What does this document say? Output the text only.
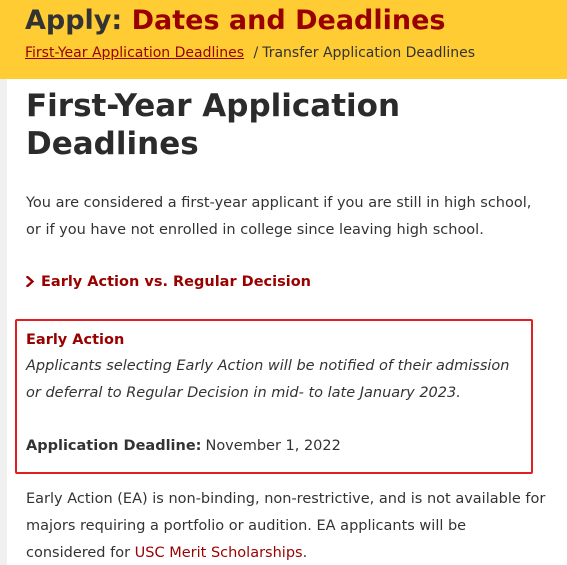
Apply: Dates and Deadlines
First-Year Application Deadlines / Transfer Application Deadlines
First-Year Application Deadlines

You are considered a first-year applicant if you are still in high school, or if you have not enrolled in college since leaving high school.

Early Action vs. Regular Decision
Early Action

Applicants selecting Early Action will be notified of their admission or deferral to Regular Decision in mid- to late January 2023.

Application Deadline: November 1, 2022

Early Action (EA) is non-binding, non-restrictive, and is not available for majors requiring a portfolio or audition. EA applicants will be considered for USC Merit Scholarships.
